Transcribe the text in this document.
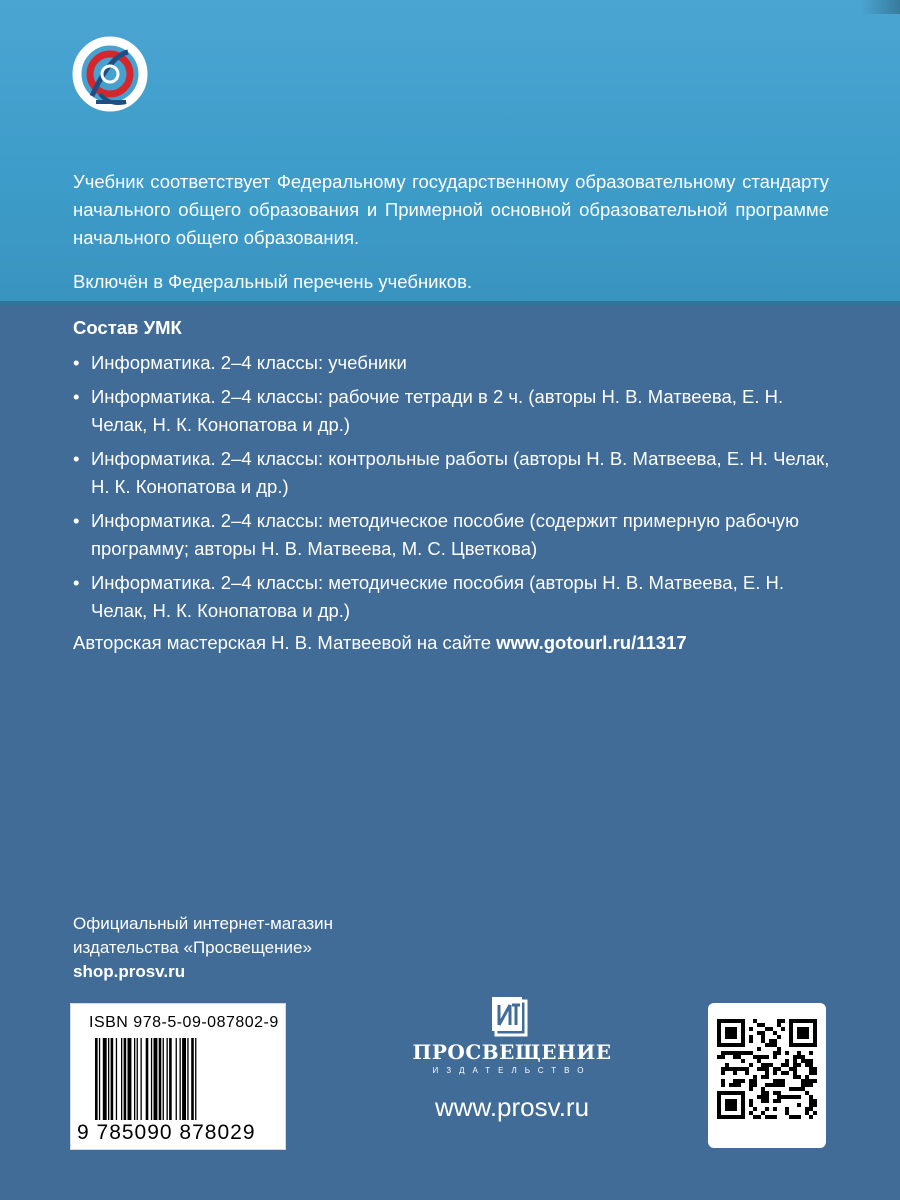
Учебник соответствует Федеральному государственному образовательному стандарту начального общего образования и Примерной основной образовательной программе начального общего образования.
Включён в Федеральный перечень учебников.
Состав УМК
• Информатика. 2–4 классы: учебники
• Информатика. 2–4 классы: рабочие тетради в 2 ч. (авторы Н. В. Матвеева, Е. Н. Челак, Н. К. Конопатова и др.)
• Информатика. 2–4 классы: контрольные работы (авторы Н. В. Матвеева, Е. Н. Челак, Н. К. Конопатова и др.)
• Информатика. 2–4 классы: методическое пособие (содержит примерную рабочую программу; авторы Н. В. Матвеева, М. С. Цветкова)
• Информатика. 2–4 классы: методические пособия (авторы Н. В. Матвеева, Е. Н. Челак, Н. К. Конопатова и др.)
Авторская мастерская Н. В. Матвеевой на сайте www.gotourl.ru/11317
Официальный интернет-магазин
издательства «Просвещение»
shop.prosv.ru
ISBN 978-5-09-087802-9
9 785090 878029
ПРОСВЕЩЕНИЕ
ИЗДАТЕЛЬСТВО
www.prosv.ru
